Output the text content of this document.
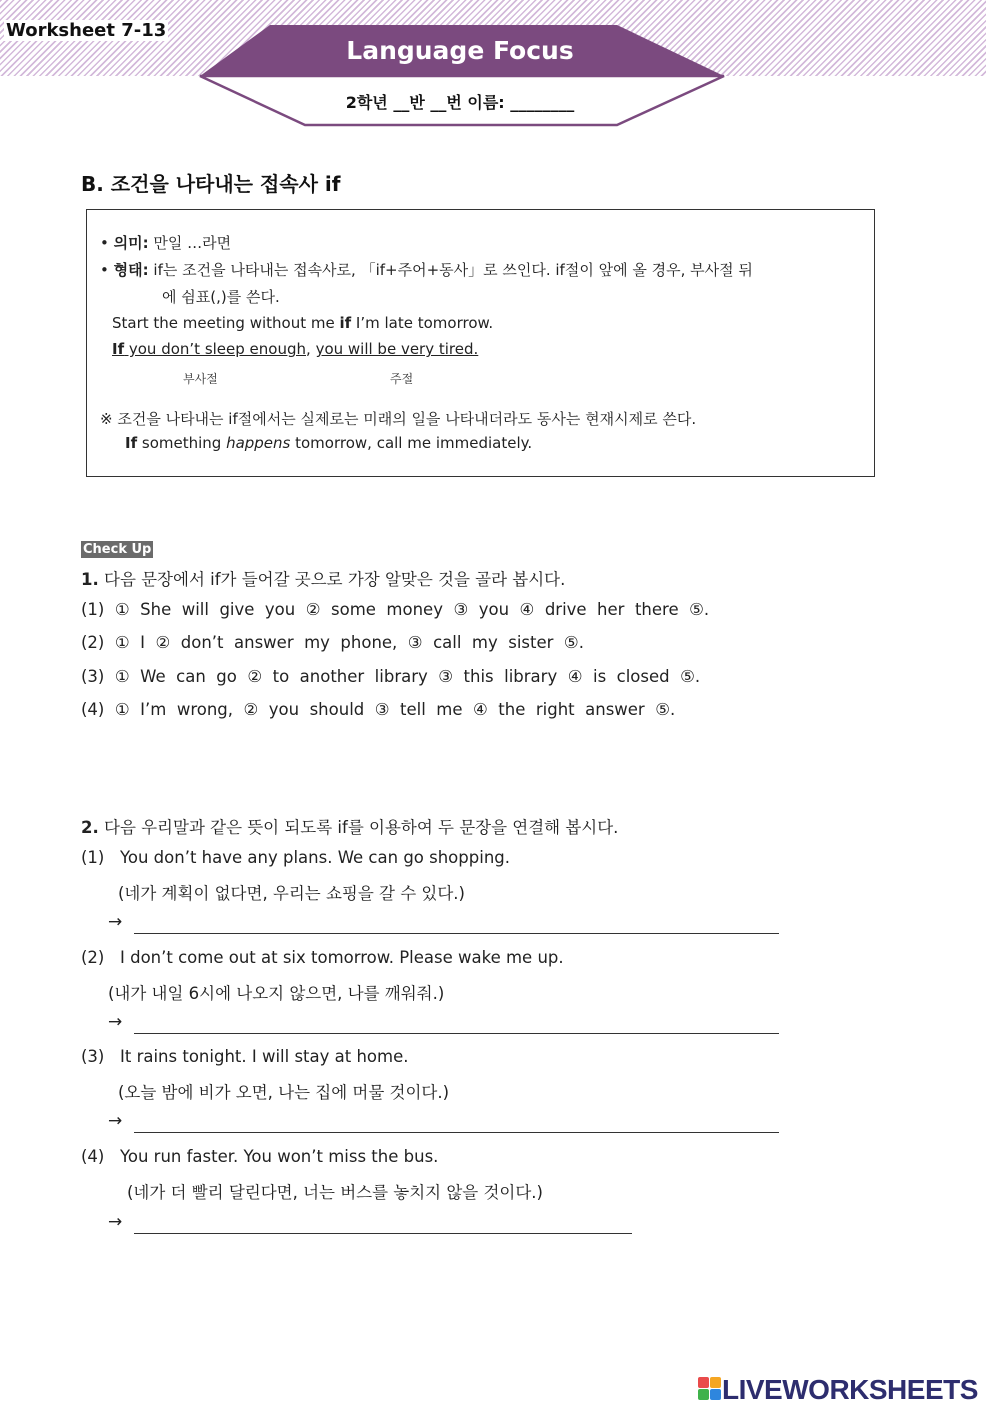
Worksheet 7-13
Language Focus
2학년 __반 __번 이름: ________
B. 조건을 나타내는 접속사 if
• 의미: 만일 …라면
• 형태: if는 조건을 나타내는 접속사로, 「if+주어+동사」로 쓰인다. if절이 앞에 올 경우, 부사절 뒤
에 쉼표(,)를 쓴다.
Start the meeting without me if I’m late tomorrow.
If you don’t sleep enough, you will be very tired.
부사절	주절
※ 조건을 나타내는 if절에서는 실제로는 미래의 일을 나타내더라도 동사는 현재시제로 쓴다.
If something happens tomorrow, call me immediately.
Check Up
1. 다음 문장에서 if가 들어갈 곳으로 가장 알맞은 것을 골라 봅시다.
(1)  ①  She  will  give  you  ②  some  money  ③  you  ④  drive  her  there  ⑤.
(2)  ①  I  ②  don’t  answer  my  phone,  ③  call  my  sister  ⑤.
(3)  ①  We  can  go  ②  to  another  library  ③  this  library  ④  is  closed  ⑤.
(4)  ①  I’m  wrong,  ②  you  should  ③  tell  me  ④  the  right  answer  ⑤.
2. 다음 우리말과 같은 뜻이 되도록 if를 이용하여 두 문장을 연결해 봅시다.
(1) You don’t have any plans. We can go shopping.
(네가 계획이 없다면, 우리는 쇼핑을 갈 수 있다.)
→
(2) I don’t come out at six tomorrow. Please wake me up.
(내가 내일 6시에 나오지 않으면, 나를 깨워줘.)
→
(3) It rains tonight. I will stay at home.
(오늘 밤에 비가 오면, 나는 집에 머물 것이다.)
→
(4) You run faster. You won’t miss the bus.
(네가 더 빨리 달린다면, 너는 버스를 놓치지 않을 것이다.)
→
LIVEWORKSHEETS
